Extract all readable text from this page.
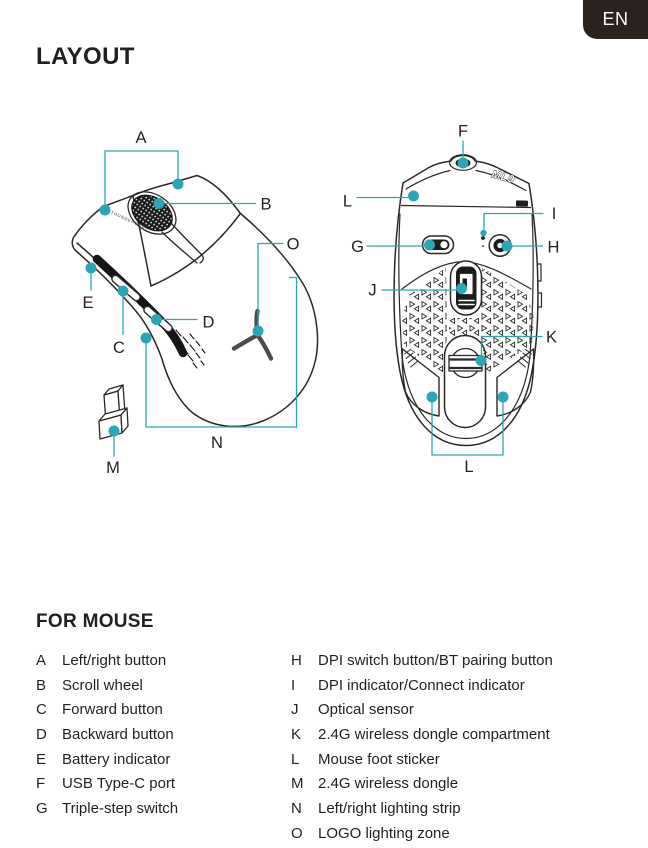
EN
LAYOUT
THUNDEROBOT
ML9
A
B
O
E
C
D
N
M
F
L
I
G	H
J
K
L
FOR MOUSE
A	Left/right button
B	Scroll wheel
C	Forward button
D	Backward button
E	Battery indicator
F	USB Type-C port
G Triple-step switch
H	DPI switch button/BT pairing button
I	DPI indicator/Connect indicator
J	Optical sensor
K	2.4G wireless dongle compartment
L	Mouse foot sticker
M 2.4G wireless dongle
N	Left/right lighting strip
O	LOGO lighting zone
